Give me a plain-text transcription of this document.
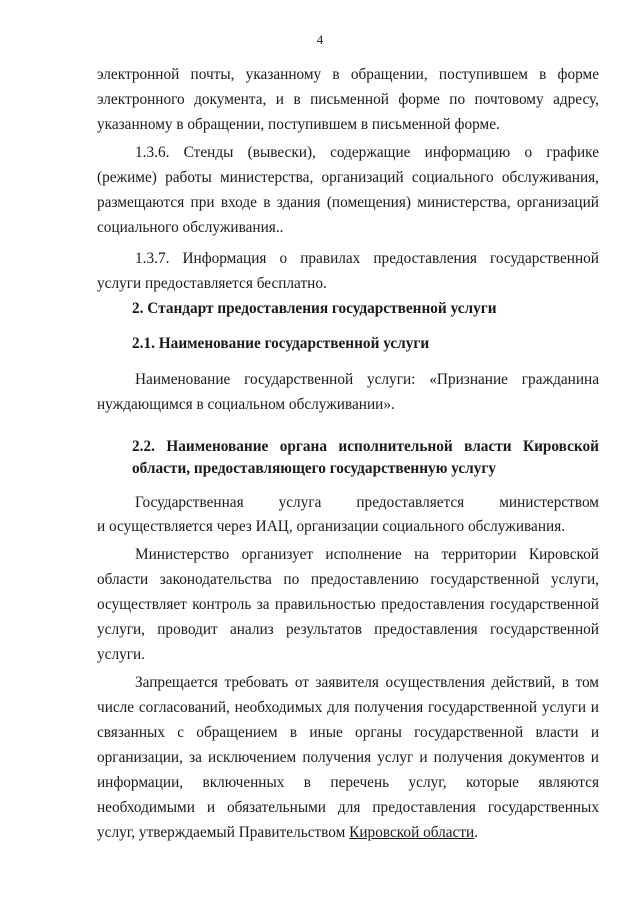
4

электронной почты, указанному в обращении, поступившем в форме электронного документа, и в письменной форме по почтовому адресу, указанному в обращении, поступившем в письменной форме.

1.3.6. Стенды (вывески), содержащие информацию о графике (режиме) работы министерства, организаций социального обслуживания, размещаются при входе в здания (помещения) министерства, организаций социального обслуживания..

1.3.7. Информация о правилах предоставления государственной услуги предоставляется бесплатно.

2. Стандарт предоставления государственной услуги

2.1. Наименование государственной услуги

Наименование государственной услуги: «Признание гражданина нуждающимся в социальном обслуживании».

2.2. Наименование органа исполнительной власти Кировской области, предоставляющего государственную услугу

Государственная услуга предоставляется министерством

и осуществляется через ИАЦ, организации социального обслуживания.

Министерство организует исполнение на территории Кировской области законодательства по предоставлению государственной услуги, осуществляет контроль за правильностью предоставления государственной услуги, проводит анализ результатов предоставления государственной услуги.

Запрещается требовать от заявителя осуществления действий, в том числе согласований, необходимых для получения государственной услуги и связанных с обращением в иные органы государственной власти и организации, за исключением получения услуг и получения документов и информации, включенных в перечень услуг, которые являются необходимыми и обязательными для предоставления государственных услуг, утверждаемый Правительством Кировской области.
